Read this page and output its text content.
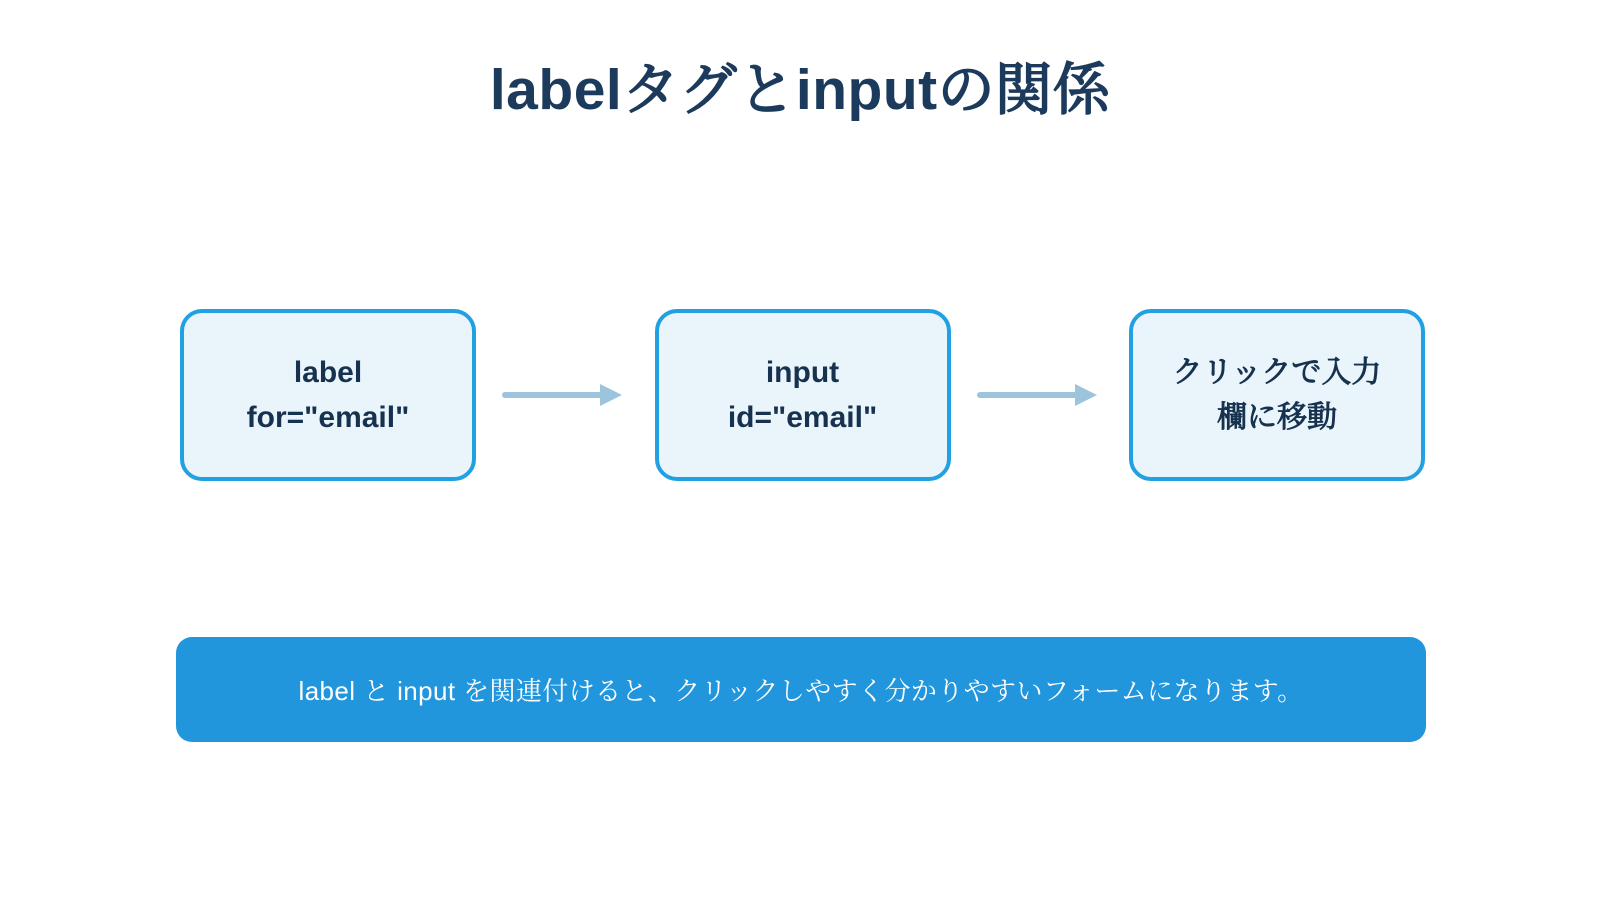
labelタグとinputの関係
label
for="email"
input
id="email"
クリックで入力
欄に移動
label と input を関連付けると、クリックしやすく分かりやすいフォームになります。
